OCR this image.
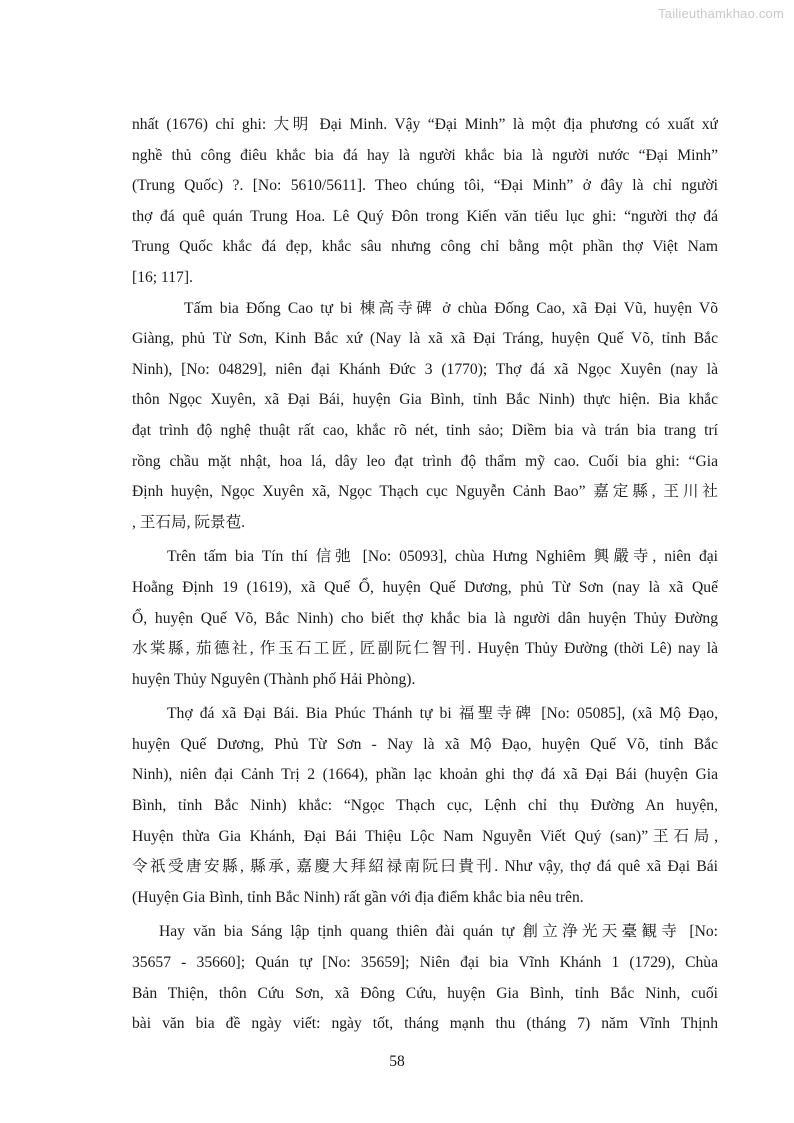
Tailieuthamkhao.com
nhất (1676) chỉ ghi: 大明 Đại Minh. Vậy “Đại Minh” là một địa phương có xuất xứ
nghề thủ công điêu khắc bia đá hay là người khắc bia là người nước “Đại Minh”
(Trung Quốc) ?. [No: 5610/5611]. Theo chúng tôi, “Đại Minh” ở đây là chỉ người
thợ đá quê quán Trung Hoa. Lê Quý Đôn trong Kiến văn tiểu lục ghi: “người thợ đá
Trung Quốc khắc đá đẹp, khắc sâu nhưng công chỉ bằng một phần thợ Việt Nam
[16; 117].
Tấm bia Đống Cao tự bi 棟高寺碑 ở chùa Đống Cao, xã Đại Vũ, huyện Võ
Giàng, phủ Từ Sơn, Kinh Bắc xứ (Nay là xã xã Đại Tráng, huyện Quế Võ, tỉnh Bắc
Ninh), [No: 04829], niên đại Khánh Đức 3 (1770); Thợ đá xã Ngọc Xuyên (nay là
thôn Ngọc Xuyên, xã Đại Bái, huyện Gia Bình, tỉnh Bắc Ninh) thực hiện. Bia khắc
đạt trình độ nghệ thuật rất cao, khắc rõ nét, tinh sảo; Diềm bia và trán bia trang trí
rồng chầu mặt nhật, hoa lá, dây leo đạt trình độ thẩm mỹ cao. Cuối bia ghi: “Gia
Định huyện, Ngọc Xuyên xã, Ngọc Thạch cục Nguyễn Cảnh Bao” 嘉定縣, 玊川社
, 玊石局, 阮景苞.
Trên tấm bia Tín thí 信弛 [No: 05093], chùa Hưng Nghiêm 興嚴寺, niên đại
Hoằng Định 19 (1619), xã Quế Ổ, huyện Quế Dương, phủ Từ Sơn (nay là xã Quế
Ổ, huyện Quế Võ, Bắc Ninh) cho biết thợ khắc bia là người dân huyện Thủy Đường
水棠縣, 茄德社, 作玉石工匠, 匠副阮仁智刊. Huyện Thủy Đường (thời Lê) nay là
huyện Thủy Nguyên (Thành phố Hải Phòng).
Thợ đá xã Đại Bái. Bia Phúc Thánh tự bi 福聖寺碑 [No: 05085], (xã Mộ Đạo,
huyện Quế Dương, Phủ Từ Sơn - Nay là xã Mộ Đạo, huyện Quế Võ, tỉnh Bắc
Ninh), niên đại Cảnh Trị 2 (1664), phần lạc khoản ghi thợ đá xã Đại Bái (huyện Gia
Bình, tỉnh Bắc Ninh) khắc: “Ngọc Thạch cục, Lệnh chỉ thụ Đường An huyện,
Huyện thừa Gia Khánh, Đại Bái Thiệu Lộc Nam Nguyễn Viết Quý (san)”玊石局,
令祇受唐安縣, 縣承, 嘉慶大拜紹禄南阮曰貴刊. Như vậy, thợ đá quê xã Đại Bái
(Huyện Gia Bình, tỉnh Bắc Ninh) rất gần với địa điểm khắc bia nêu trên.
Hay văn bia Sáng lập tịnh quang thiên đài quán tự 創立浄光天臺観寺 [No:
35657 - 35660]; Quán tự [No: 35659]; Niên đại bia Vĩnh Khánh 1 (1729), Chùa
Bản Thiện, thôn Cứu Sơn, xã Đông Cứu, huyện Gia Bình, tỉnh Bắc Ninh, cuối
bài văn bia đề ngày viết: ngày tốt, tháng mạnh thu (tháng 7) năm Vĩnh Thịnh
58
